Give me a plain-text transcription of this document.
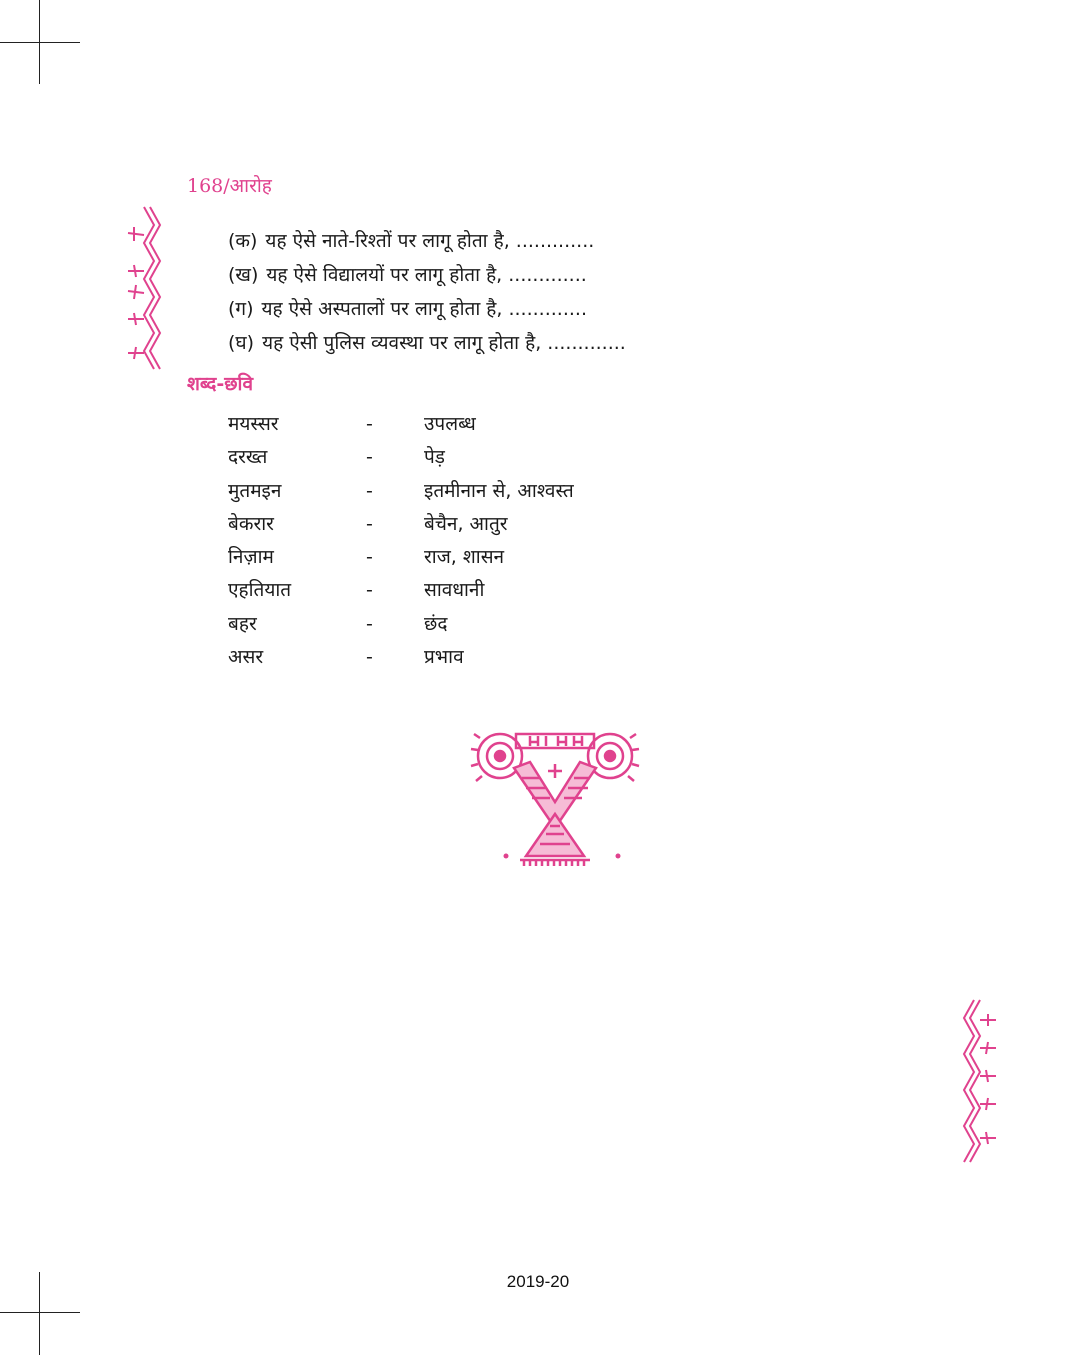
168/आरोह
(क) यह ऐसे नाते-रिश्तों पर लागू होता है, .............
(ख) यह ऐसे विद्यालयों पर लागू होता है, .............
(ग) यह ऐसे अस्पतालों पर लागू होता है, .............
(घ) यह ऐसी पुलिस व्यवस्था पर लागू होता है, .............
शब्द-छवि
मयस्सर	-	उपलब्ध
दरख्त	-	पेड़
मुतमइन	-	इतमीनान से, आश्वस्त
बेकरार	-	बेचैन, आतुर
निज़ाम	-	राज, शासन
एहतियात	-	सावधानी
बहर	-	छंद
असर	-	प्रभाव
2019-20
